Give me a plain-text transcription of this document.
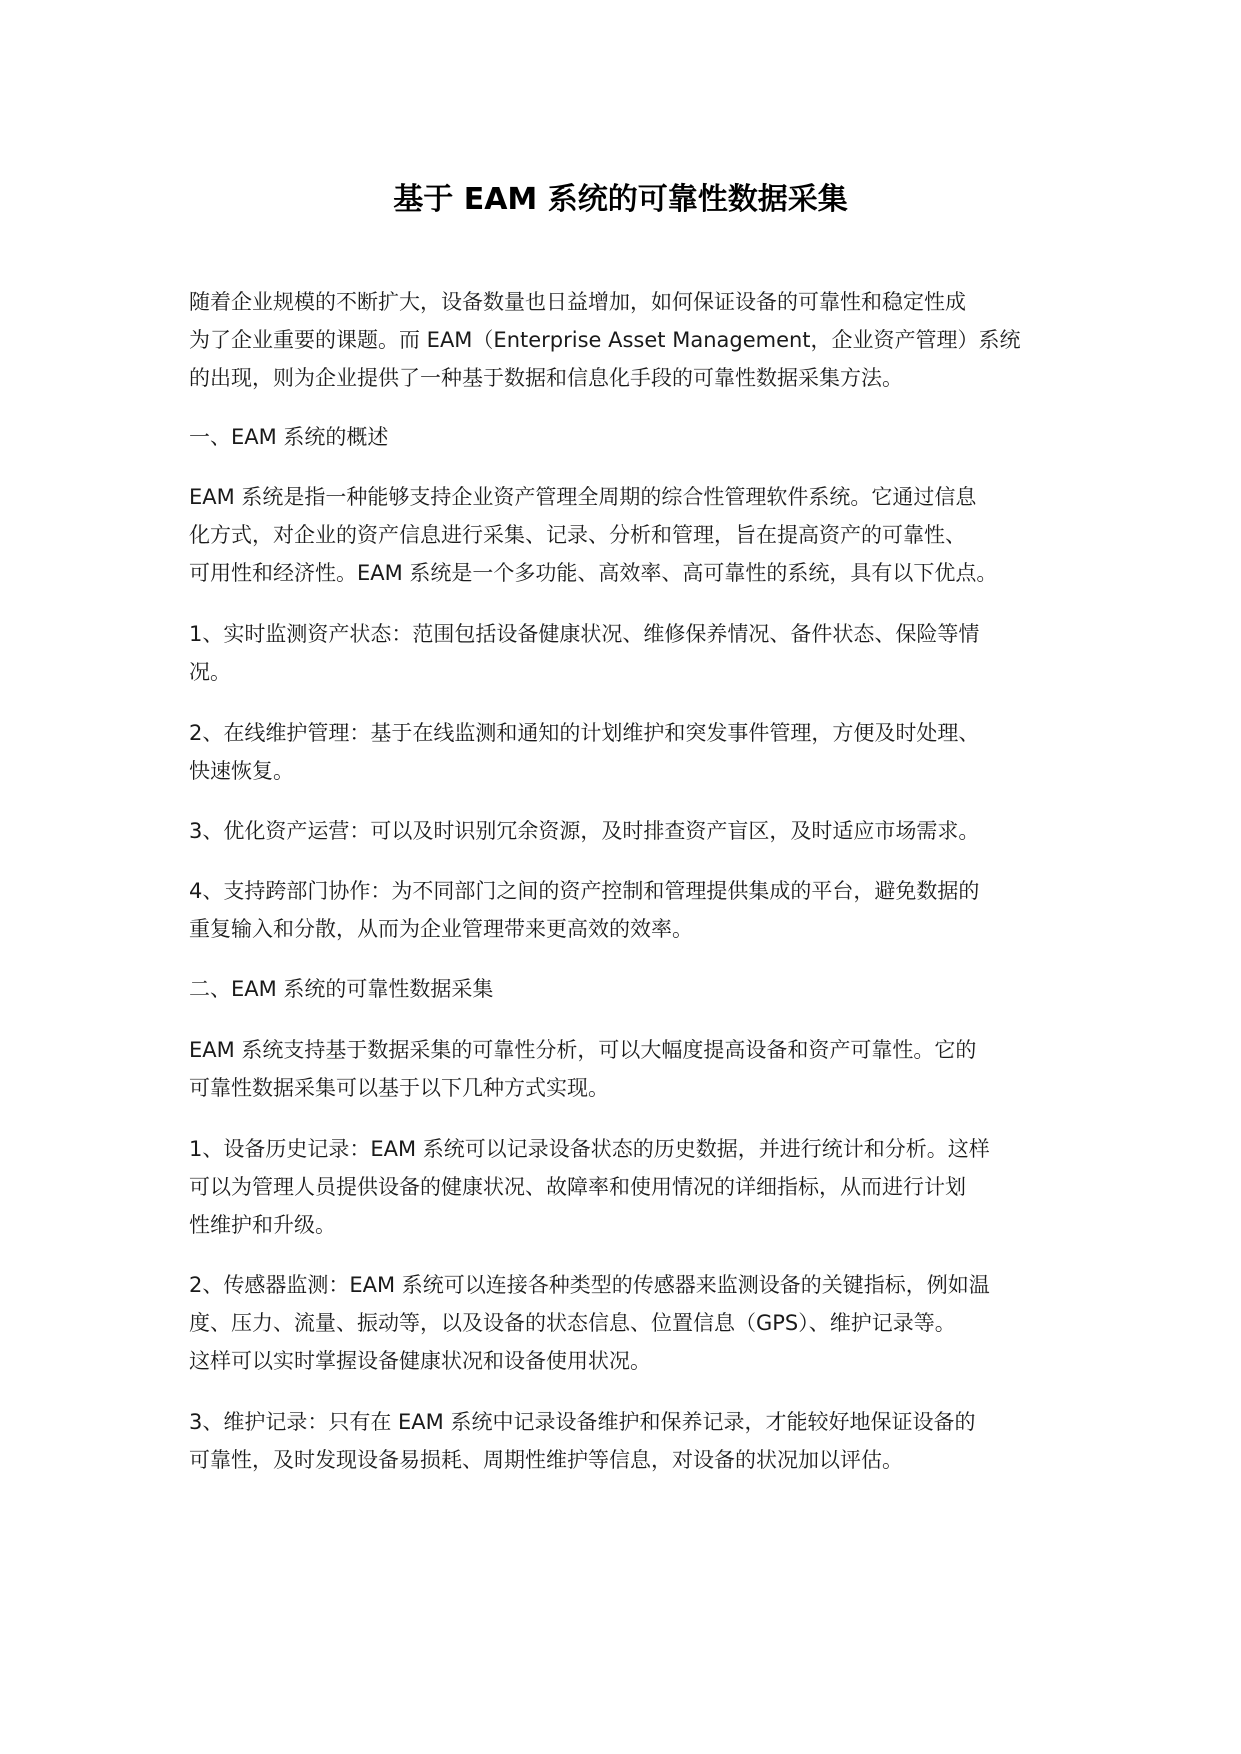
基于 EAM 系统的可靠性数据采集
随着企业规模的不断扩大，设备数量也日益增加，如何保证设备的可靠性和稳定性成
为了企业重要的课题。而 EAM（Enterprise Asset Management，企业资产管理）系统
的出现，则为企业提供了一种基于数据和信息化手段的可靠性数据采集方法。
一、EAM 系统的概述
EAM 系统是指一种能够支持企业资产管理全周期的综合性管理软件系统。它通过信息
化方式，对企业的资产信息进行采集、记录、分析和管理，旨在提高资产的可靠性、
可用性和经济性。EAM 系统是一个多功能、高效率、高可靠性的系统，具有以下优点。
1、实时监测资产状态：范围包括设备健康状况、维修保养情况、备件状态、保险等情
况。
2、在线维护管理：基于在线监测和通知的计划维护和突发事件管理，方便及时处理、
快速恢复。
3、优化资产运营：可以及时识别冗余资源，及时排查资产盲区，及时适应市场需求。
4、支持跨部门协作：为不同部门之间的资产控制和管理提供集成的平台，避免数据的
重复输入和分散，从而为企业管理带来更高效的效率。
二、EAM 系统的可靠性数据采集
EAM 系统支持基于数据采集的可靠性分析，可以大幅度提高设备和资产可靠性。它的
可靠性数据采集可以基于以下几种方式实现。
1、设备历史记录：EAM 系统可以记录设备状态的历史数据，并进行统计和分析。这样
可以为管理人员提供设备的健康状况、故障率和使用情况的详细指标，从而进行计划
性维护和升级。
2、传感器监测：EAM 系统可以连接各种类型的传感器来监测设备的关键指标，例如温
度、压力、流量、振动等，以及设备的状态信息、位置信息（GPS）、维护记录等。
这样可以实时掌握设备健康状况和设备使用状况。
3、维护记录：只有在 EAM 系统中记录设备维护和保养记录，才能较好地保证设备的
可靠性，及时发现设备易损耗、周期性维护等信息，对设备的状况加以评估。
